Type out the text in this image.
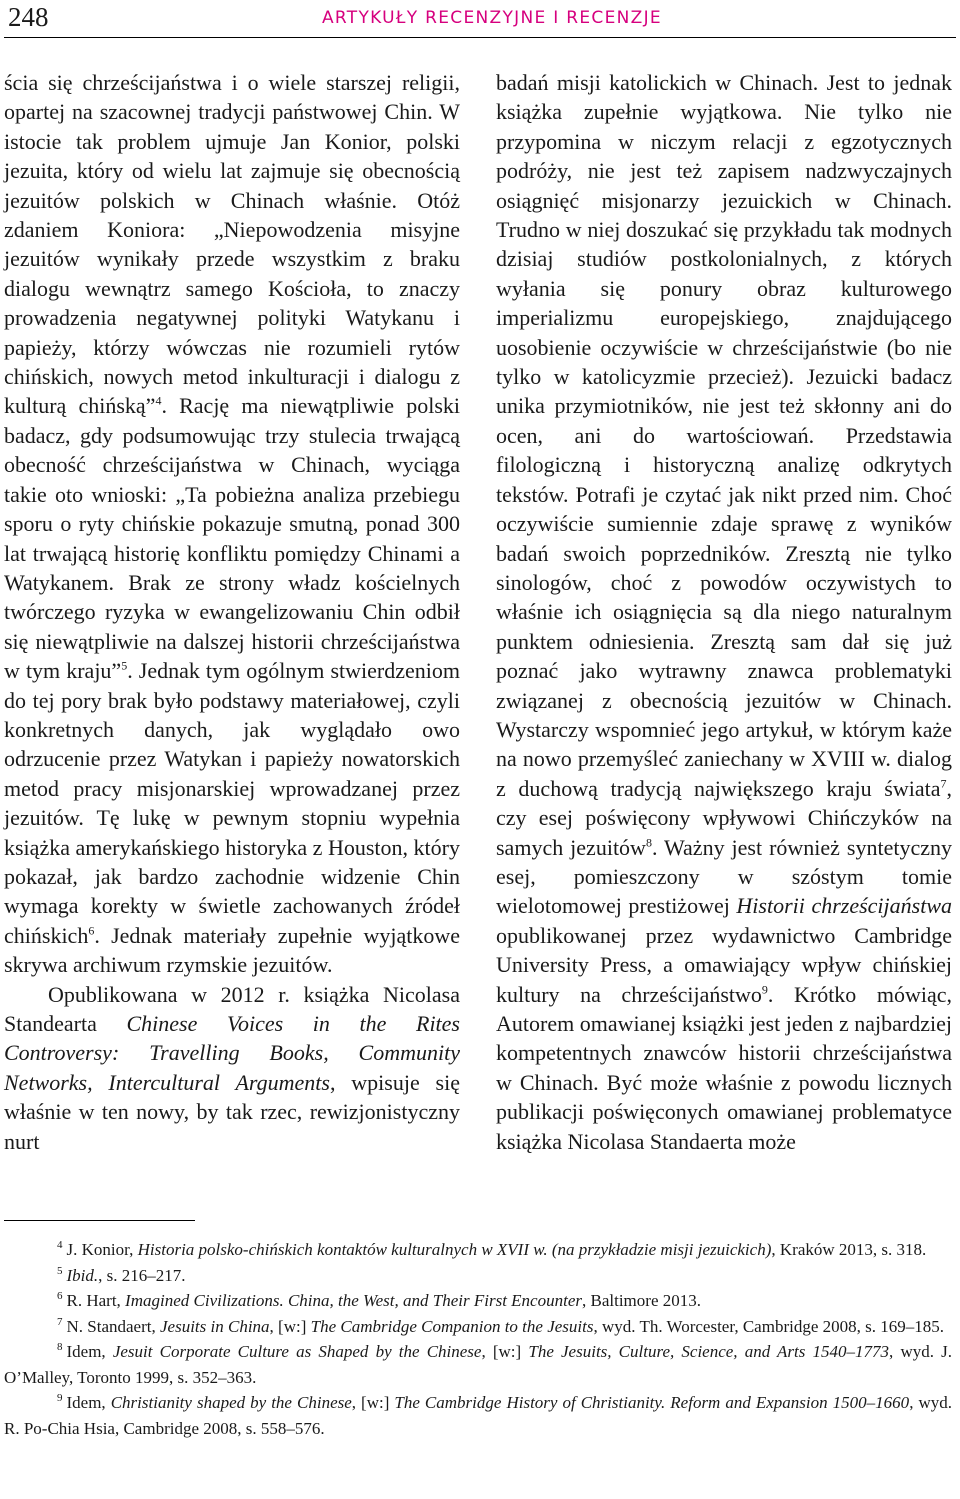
248	ARTYKUŁY RECENZYJNE I RECENZJE

ścia się chrześcijaństwa i o wiele starszej religii, opartej na szacownej tradycji państwowej Chin. W istocie tak problem ujmuje Jan Konior, polski jezuita, który od wielu lat zajmuje się obecnością jezuitów polskich w Chinach właśnie. Otóż zdaniem Koniora: „Niepowodzenia misyjne jezuitów wynikały przede wszystkim z braku dialogu wewnątrz samego Kościoła, to znaczy prowadzenia negatywnej polityki Watykanu i papieży, którzy wówczas nie rozumieli rytów chińskich, nowych metod inkulturacji i dialogu z kulturą chińską”$^4$. Rację ma niewątpliwie polski badacz, gdy podsumowując trzy stulecia trwającą obecność chrześcijaństwa w Chinach, wyciąga takie oto wnioski: „Ta pobieżna analiza przebiegu sporu o ryty chińskie pokazuje smutną, ponad 300 lat trwającą historię konfliktu pomiędzy Chinami a Watykanem. Brak ze strony władz kościelnych twórczego ryzyka w ewangelizowaniu Chin odbił się niewątpliwie na dalszej historii chrześcijaństwa w tym kraju”$^5$. Jednak tym ogólnym stwierdzeniom do tej pory brak było podstawy materiałowej, czyli konkretnych danych, jak wyglądało owo odrzucenie przez Watykan i papieży nowatorskich metod pracy misjonarskiej wprowadzanej przez jezuitów. Tę lukę w pewnym stopniu wypełnia książka amerykańskiego historyka z Houston, który pokazał, jak bardzo zachodnie widzenie Chin wymaga korekty w świetle zachowanych źródeł chińskich$^6$. Jednak materiały zupełnie wyjątkowe skrywa archiwum rzymskie jezuitów.

Opublikowana w 2012 r. książka Nicolasa Standearta Chinese Voices in the Rites Controversy: Travelling Books, Community Networks, Intercultural Arguments, wpisuje się właśnie w ten nowy, by tak rzec, rewizjonistyczny nurt

badań misji katolickich w Chinach. Jest to jednak książka zupełnie wyjątkowa. Nie tylko nie przypomina w niczym relacji z egzotycznych podróży, nie jest też zapisem nadzwyczajnych osiągnięć misjonarzy jezuickich w Chinach. Trudno w niej doszukać się przykładu tak modnych dzisiaj studiów postkolonialnych, z których wyłania się ponury obraz kulturowego imperializmu europejskiego, znajdującego uosobienie oczywiście w chrześcijaństwie (bo nie tylko w katolicyzmie przecież). Jezuicki badacz unika przymiotników, nie jest też skłonny ani do ocen, ani do wartościowań. Przedstawia filologiczną i historyczną analizę odkrytych tekstów. Potrafi je czytać jak nikt przed nim. Choć oczywiście sumiennie zdaje sprawę z wyników badań swoich poprzedników. Zresztą nie tylko sinologów, choć z powodów oczywistych to właśnie ich osiągnięcia są dla niego naturalnym punktem odniesienia. Zresztą sam dał się już poznać jako wytrawny znawca problematyki związanej z obecnością jezuitów w Chinach. Wystarczy wspomnieć jego artykuł, w którym każe na nowo przemyśleć zaniechany w XVIII w. dialog z duchową tradycją największego kraju świata$^7$, czy esej poświęcony wpływowi Chińczyków na samych jezuitów$^8$. Ważny jest również syntetyczny esej, pomieszczony w szóstym tomie wielotomowej prestiżowej Historii chrześcijaństwa opublikowanej przez wydawnictwo Cambridge University Press, a omawiający wpływ chińskiej kultury na chrześcijaństwo$^9$. Krótko mówiąc, Autorem omawianej książki jest jeden z najbardziej kompetentnych znawców historii chrześcijaństwa w Chinach. Być może właśnie z powodu licznych publikacji poświęconych omawianej problematyce książka Nicolasa Standaerta może

$^4$ J. Konior, Historia polsko-chińskich kontaktów kulturalnych w XVII w. (na przykładzie misji jezuickich), Kraków 2013, s. 318.

$^5$ Ibid., s. 216–217.

$^6$ R. Hart, Imagined Civilizations. China, the West, and Their First Encounter, Baltimore 2013.

$^7$ N. Standaert, Jesuits in China, [w:] The Cambridge Companion to the Jesuits, wyd. Th. Worcester, Cambridge 2008, s. 169–185.

$^8$ Idem, Jesuit Corporate Culture as Shaped by the Chinese, [w:] The Jesuits, Culture, Science, and Arts 1540–1773, wyd. J. O’Malley, Toronto 1999, s. 352–363.

$^9$ Idem, Christianity shaped by the Chinese, [w:] The Cambridge History of Christianity. Reform and Expansion 1500–1660, wyd. R. Po-Chia Hsia, Cambridge 2008, s. 558–576.
